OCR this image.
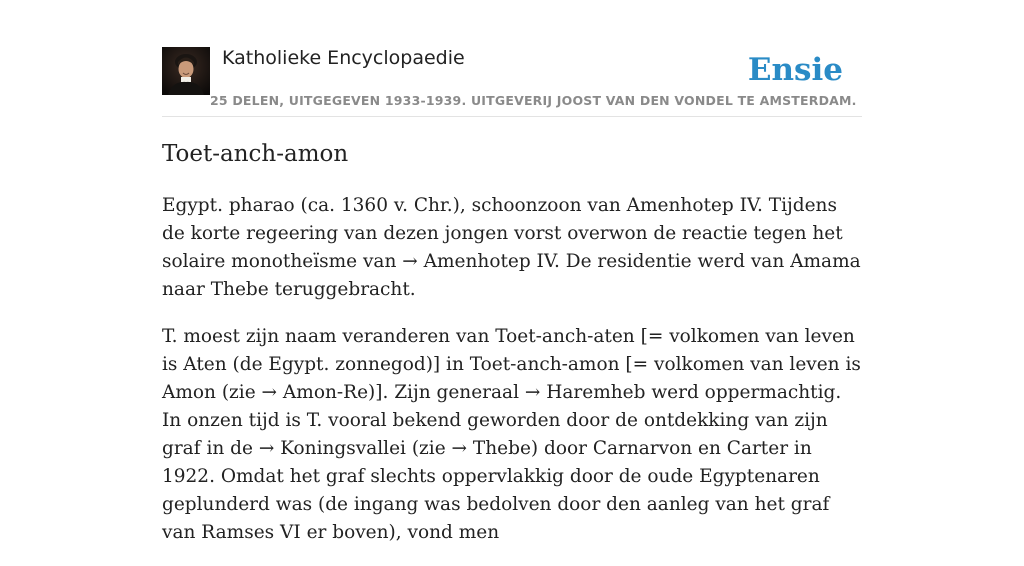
Katholieke Encyclopaedie
25 DELEN, UITGEGEVEN 1933-1939. UITGEVERIJ JOOST VAN DEN VONDEL TE AMSTERDAM.
Ensie
Toet-anch-amon

Egypt. pharao (ca. 1360 v. Chr.), schoonzoon van Amenhotep IV. Tijdens de korte regeering van dezen jongen vorst overwon de reactie tegen het solaire monotheïsme van → Amenhotep IV. De residentie werd van Amama naar Thebe teruggebracht.

T. moest zijn naam veranderen van Toet-anch-aten [= volkomen van leven is Aten (de Egypt. zonnegod)] in Toet-anch-amon [= volkomen van leven is Amon (zie → Amon-Re)]. Zijn generaal → Haremheb werd oppermachtig. In onzen tijd is T. vooral bekend geworden door de ontdekking van zijn graf in de → Koningsvallei (zie → Thebe) door Carnarvon en Carter in 1922. Omdat het graf slechts oppervlakkig door de oude Egyptenaren geplunderd was (de ingang was bedolven door den aanleg van het graf van Ramses VI er boven), vond men
